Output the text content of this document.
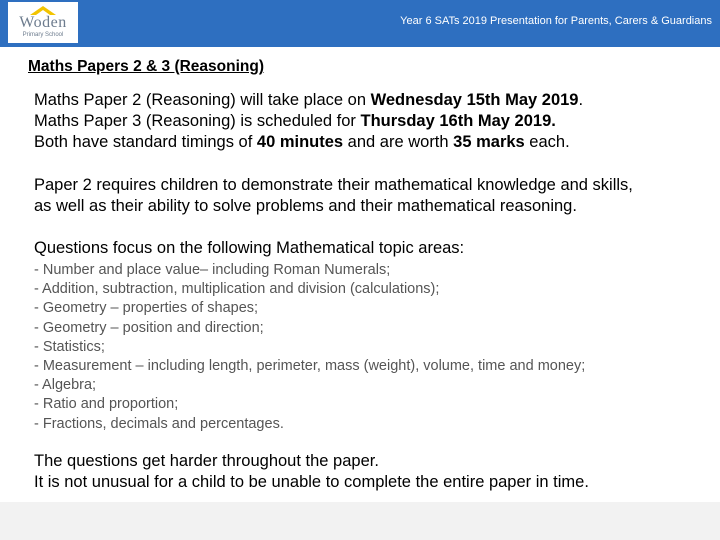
Woden
Primary School
Year 6 SATs 2019 Presentation for Parents, Carers & Guardians
Maths Papers 2 & 3 (Reasoning)

Maths Paper 2 (Reasoning) will take place on Wednesday 15th May 2019.

Maths Paper 3 (Reasoning) is scheduled for Thursday 16th May 2019.

Both have standard timings of 40 minutes and are worth 35 marks each.

Paper 2 requires children to demonstrate their mathematical knowledge and skills,

as well as their ability to solve problems and their mathematical reasoning.

Questions focus on the following Mathematical topic areas:

- Number and place value– including Roman Numerals;
- Addition, subtraction, multiplication and division (calculations);
- Geometry – properties of shapes;
- Geometry – position and direction;
- Statistics;
- Measurement – including length, perimeter, mass (weight), volume, time and money;
- Algebra;
- Ratio and proportion;
- Fractions, decimals and percentages.

The questions get harder throughout the paper.

It is not unusual for a child to be unable to complete the entire paper in time.
